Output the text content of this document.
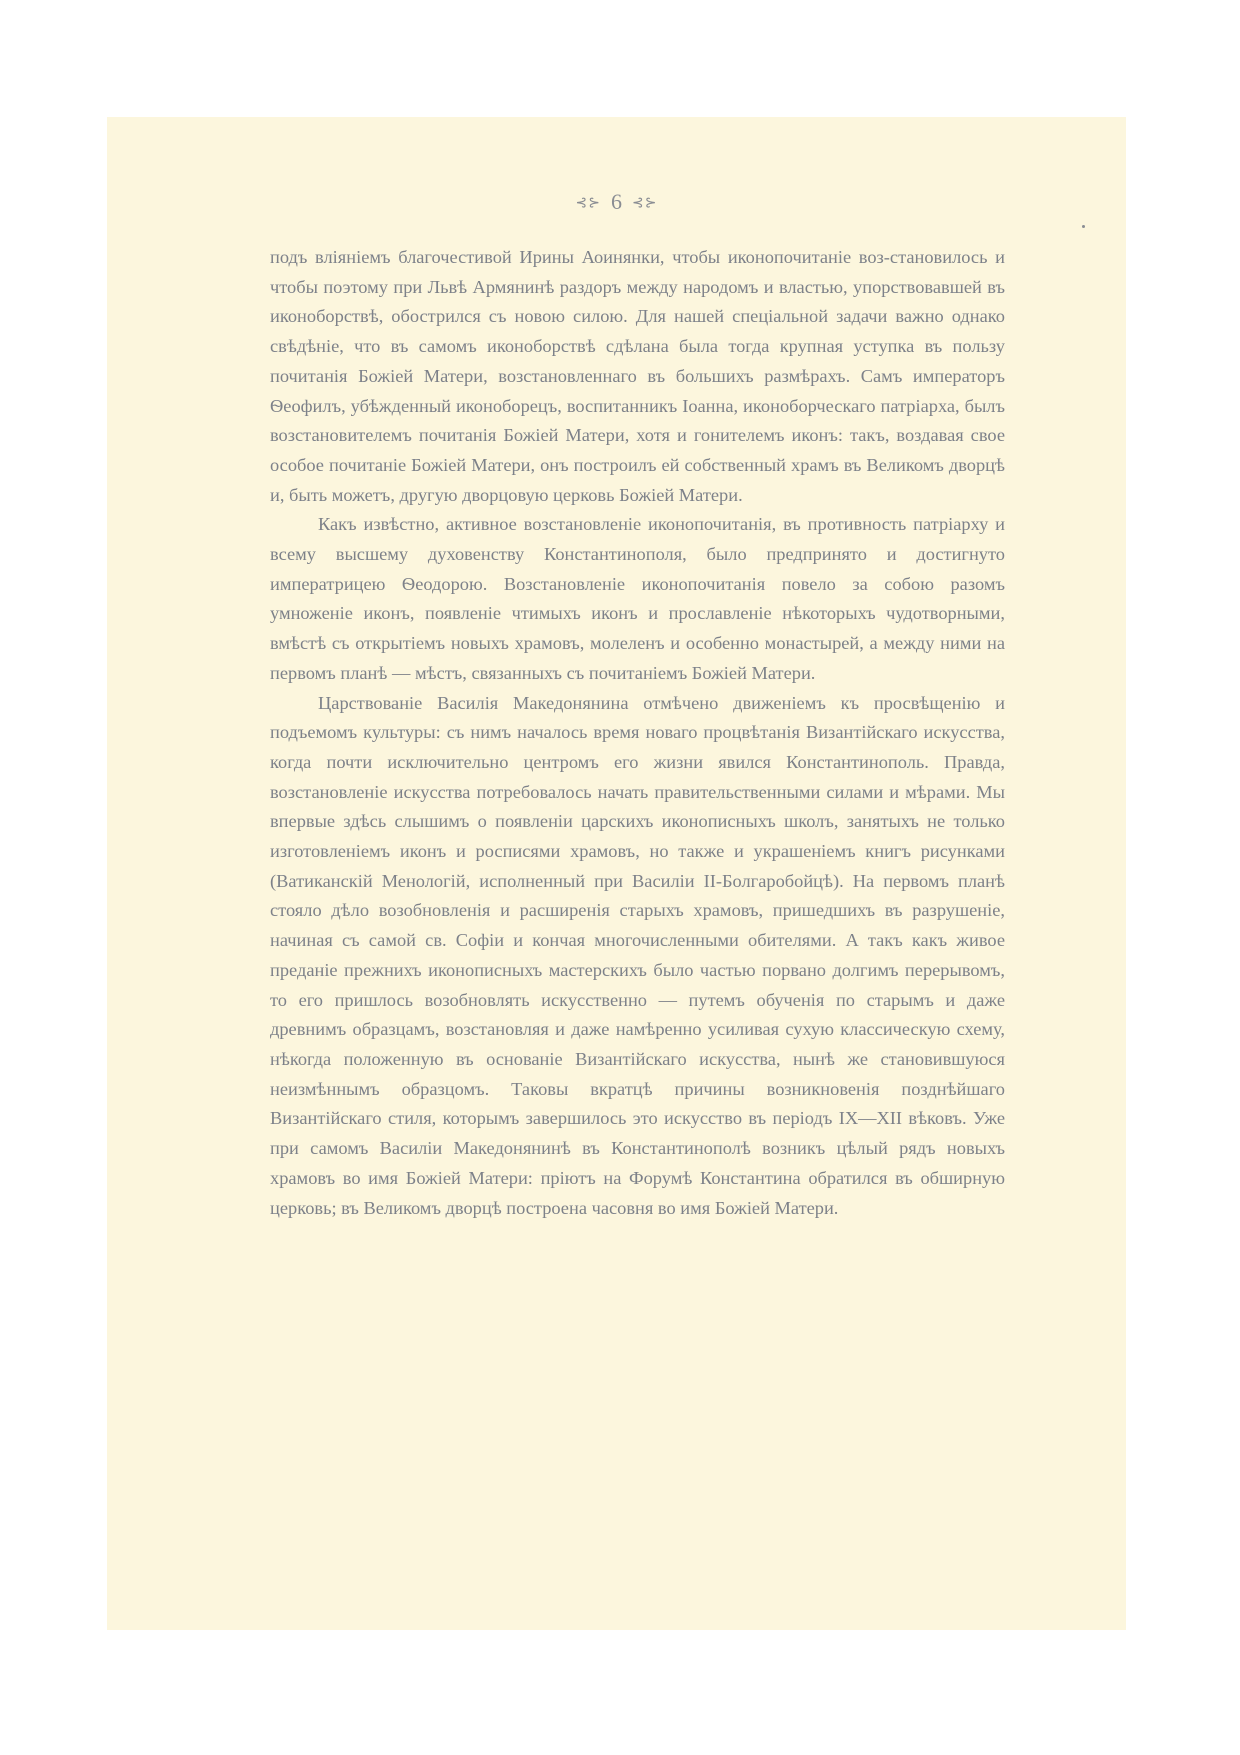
⊰⊱ 6 ⊰⊱

подъ вліяніемъ благочестивой Ирины Аоинянки, чтобы иконопочитаніе воз-становилось и чтобы поэтому при Львѣ Армянинѣ раздоръ между народомъ и властью, упорствовавшей въ иконоборствѣ, обострился съ новою силою. Для нашей спеціальной задачи важно однако свѣдѣніе, что въ самомъ иконоборствѣ сдѣлана была тогда крупная уступка въ пользу почитанія Божіей Матери, возстановленнаго въ большихъ размѣрахъ. Самъ императоръ Ѳеофилъ, убѣжденный иконоборецъ, воспитанникъ Іоанна, иконоборческаго патріарха, былъ возстановителемъ почитанія Божіей Матери, хотя и гонителемъ иконъ: такъ, воздавая свое особое почитаніе Божіей Матери, онъ построилъ ей собственный храмъ въ Великомъ дворцѣ и, быть можетъ, другую дворцовую церковь Божіей Матери.

Какъ извѣстно, активное возстановленіе иконопочитанія, въ противность патріарху и всему высшему духовенству Константинополя, было предпринято и достигнуто императрицею Ѳеодорою. Возстановленіе иконопочитанія повело за собою разомъ умноженіе иконъ, появленіе чтимыхъ иконъ и прославленіе нѣкоторыхъ чудотворными, вмѣстѣ съ открытіемъ новыхъ храмовъ, молеленъ и особенно монастырей, а между ними на первомъ планѣ — мѣстъ, связанныхъ съ почитаніемъ Божіей Матери.

Царствованіе Василія Македонянина отмѣчено движеніемъ къ просвѣщенію и подъемомъ культуры: съ нимъ началось время новаго процвѣтанія Византійскаго искусства, когда почти исключительно центромъ его жизни явился Константинополь. Правда, возстановленіе искусства потребовалось начать правительственными силами и мѣрами. Мы впервые здѣсь слышимъ о появленіи царскихъ иконописныхъ школъ, занятыхъ не только изготовленіемъ иконъ и росписями храмовъ, но также и украшеніемъ книгъ рисунками (Ватиканскій Менологій, исполненный при Василіи II-Болгаробойцѣ). На первомъ планѣ стояло дѣло возобновленія и расширенія старыхъ храмовъ, пришедшихъ въ разрушеніе, начиная съ самой св. Софіи и кончая многочисленными обителями. А такъ какъ живое преданіе прежнихъ иконописныхъ мастерскихъ было частью порвано долгимъ перерывомъ, то его пришлось возобновлять искусственно — путемъ обученія по старымъ и даже древнимъ образцамъ, возстановляя и даже намѣренно усиливая сухую классическую схему, нѣкогда положенную въ основаніе Византійскаго искусства, нынѣ же становившуюся неизмѣннымъ образцомъ. Таковы вкратцѣ причины возникновенія позднѣйшаго Византійскаго стиля, которымъ завершилось это искусство въ періодъ IX—XII вѣковъ. Уже при самомъ Василіи Македонянинѣ въ Константинополѣ возникъ цѣлый рядъ новыхъ храмовъ во имя Божіей Матери: пріютъ на Форумѣ Константина обратился въ обширную церковь; въ Великомъ дворцѣ построена часовня во имя Божіей Матери.
